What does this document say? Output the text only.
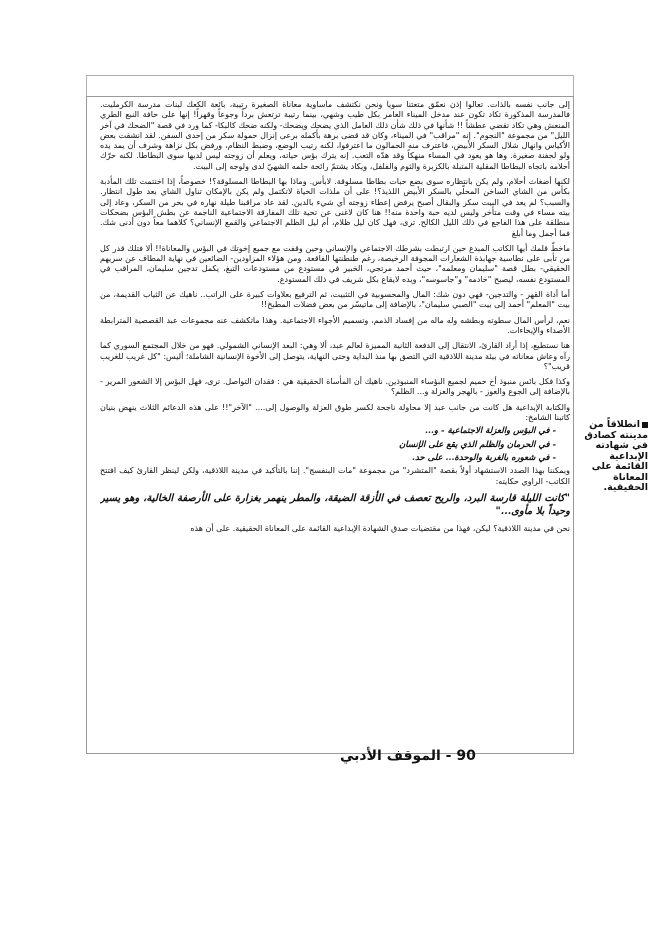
إلى جانب نفسه بالذات. تعالوا إذن نعمّق متعتنا سوياً ونحن نكتشف مأساوية معاناة الصغيرة رتيبة، بائعة الكعك لبنات مدرسة الكرمليت. فالمدرسة المذكورة تكاد تكون عند مدخل الميناء العامر بكل طيب وشهي، بينما رتيبة ترتعش برداً وجوعاً وقهراً! إنها على حافة النبع الطري المنعش وهي تكاد تقضي عطشاً !! شأنها في ذلك شأن ذلك العامل الذي يضحك ويضحك- ولكنه ضحك كالبكا- كما ورد في قصة "الضحك في آخر الليل" من مجموعة "النجوم". إنه "مراقب" في الميناء، وكان قد قضى برهة بأكمله برعى إنزال حمولة سكر من إحدى السفن. لقد انشقت بعض الأكياس وانهال شلال السكر الأبيض، فاعترف منه الحمالون ما اعترفوا، لكنه رتيب الوضع، وضبط النظام، ورفض بكل نزاهة وشرف أن يمد يده ولو لحفنة صغيرة. وها هو يعود في المساء منهكاً وقد هدّه التعب. إنه يترك بؤس حياته، ويعلم أن زوجته ليس لديها سوى البطاطا. لكنه حرّك أحلامه باتجاه البطاطا المقلية المتبلة بالكزبرة والثوم والفلفل، ويكاد يشتمّ رائحة حلمه الشهيّ لدى ولوجه إلى البيت.

لكنها أضغاث أحلام، ولم يكن بانتظاره سوى بضع حبات بطاطا مسلوقة. لابأس. وماذا بها البطاطا المسلوقة؟! خصوصاً، إذا اختتمت تلك المأدبة بكأس من الشاي الساخن المحلّي بالسكر الأبيض اللذيذ؟! على أن ملذات الحياة لاتكتمل ولم يكن بالإمكان تناول الشاي بعد طول انتظار. والسبب؟ لم يعد في البيت سكر والبقال أصبح يرفض إعطاء زوجته أي شيء بالدين. لقد عاد مراقبنا طيلة نهاره في بحر من السكر، وعاد إلى بيته مساء في وقت متأخر وليس لديه حبة واحدة منه!! هنا كان لاغنى عن تحية تلك المفارقة الاجتماعية الناجمة عن بطش البؤس بضحكات منطلقة على هذا الفاجع في ذلك الليل الكالح. ترى، فهل كان ليل ظلام، أم ليل الظلم الاجتماعي والقمع الإنساني؟ كلاهما معاً دون أدنى شك. فما أجمل وما أبلغ

ماخطّ قلمك أيها الكاتب المبدع حين ارتبطت بشرطك الاجتماعي والإنساني وحين وقفت مع جميع إخوتك في البؤس والمعاناة!! ألا فتلك قدر كل من تأبى على نطاسية جهابذة الشعارات المجوفة الرخيصة، رغم طنطنتها الفاقعة. ومن هؤلاء المزاودين- الضائعين في نهاية المطاف عن سريهم الحقيقي- بطل قصة "سليمان ومعلمه"، حيث أحمد مرتجي، الخبير في مستودع من مستودعات التبغ، يكمل تدجين سليمان، المراقب في المستودع نفسه، ليصبح "خادمه" و"جاسوسه"، ويده لايقاع بكل شريف في ذلك المستودع.

أما أداة القهر - والتدجين- فهي دون شك: المال والمحسوبية في التثبيت، ثم الترفيع بعلاوات كبيرة على الراتب.. ناهيك عن الثياب القديمة، من بيت "المعلم" أحمد إلى بيت "الصبي سليمان"، بالإضافة إلى ماتيسّر من بعض فضلات المطبخ!!

نعم، لرأس المال سطوته وبطشه وله ماله من إفساد الذمم، وتسميم الأجواء الاجتماعية. وهذا ماتكشف عنه مجموعات عبد القصصية المترابطة الأصداء والإيحاءات.

هنا نستطيع، إذا أراد القارئ، الانتقال إلى الدفعة الثانية المميزة لعالم عبد، ألا وهي: البعد الإنساني الشمولي. فهو من خلال المجتمع السوري كما رآه وعاش معاناته في بيئة مدينة اللاذقية التي التصق بها منذ البداية وحتى النهاية، يتوصل إلى الأخوة الإنسانية الشاملة؛ أليس: "كل غريب للغريب قريب"؟

وكذا فكل بائس منبوذ أخ حميم لجميع البؤساء المنبوذين. ناهيك أن المأساة الحقيقية هي : فقدان التواصل. ترى، فهل البؤس إلا الشعور المرير - بالإضافة إلى الجوع والعوز - بالهجر والعزلة و... الظلم؟

والكتابة الإبداعية هل كانت من جانب عبد إلا محاولة ناجحة لكسر طوق العزلة والوصول إلى.... "الآخر"!! على هذه الدعائم الثلاث ينهض بنيان كاتبنا الشامخ:

- في البؤس والعزلة الاجتماعية - و...
- في الحرمان والظلم الذي يقع على الإنسان
- في شعوره بالغربة والوحدة... على حد.

ويمكننا بهذا الصدد الاستشهاد أولاً بقصة "المتشرد" من مجموعة "مات البنفسج". إننا بالتأكيد في مدينة اللاذقية، ولكن لينظر القارئ كيف افتتح الكاتب- الراوي حكايته:

"كانت الليلة قارسة البرد، والريح تعصف في الأزقة الضيقة، والمطر ينهمر بغزارة على الأرصفة الخالية، وهو يسير وحيداً بلا مأوى..."

نحن في مدينة اللاذقية؟ ليكن، فهذا من مقتضيات صدق الشهادة الإبداعية القائمة على المعاناة الحقيقية. على أن هذه

انطلاقاً من مدينته كصادق في شهادته الإبداعية القائمة على المعاناة الحقيقية.
90 - الموقف الأدبي
